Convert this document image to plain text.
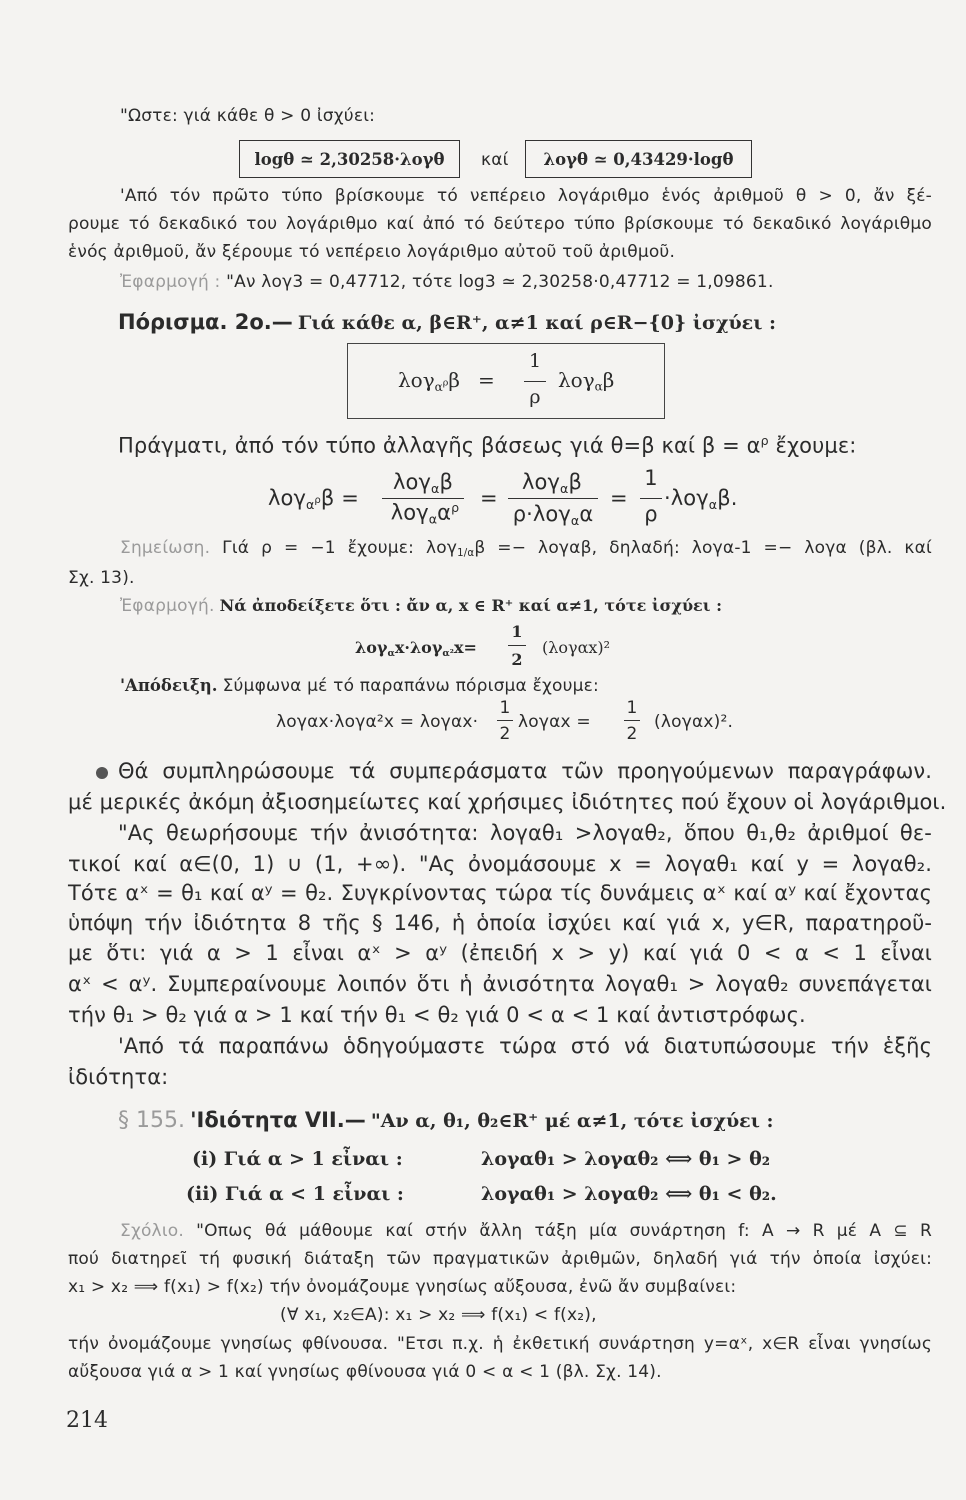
"Ωστε: γιά κάθε θ > 0 ἰσχύει:
logθ ≃ 2,30258·λογθ	καί	λογθ ≃ 0,43429·logθ
'Από τόν πρῶτο τύπο βρίσκουμε τό νεπέρειο λογάριθμο ἑνός ἀριθμοῦ θ > 0, ἄν ξέ-
ρουμε τό δεκαδικό του λογάριθμο καί ἀπό τό δεύτερο τύπο βρίσκουμε τό δεκαδικό λογάριθμο
ἑνός ἀριθμοῦ, ἄν ξέρουμε τό νεπέρειο λογάριθμο αὐτοῦ τοῦ ἀριθμοῦ.
Ἐφαρμογή : "Αν λογ3 = 0,47712, τότε log3 ≃ 2,30258·0,47712 = 1,09861.
Πόρισμα. 2ο.— Γιά κάθε α, β∈R⁺, α≠1 καί ρ∈R−{0} ἰσχύει :
λογ$_{\alpha^\rho}$β =
1
ρ
λογ$_\alpha$β
Πράγματι, ἀπό τόν τύπο ἀλλαγῆς βάσεως γιά θ=β καί $\beta = \alpha^\rho$ ἔχουμε:
λογ$_{\alpha^\rho}$β =
λογ$_\alpha$β
$\lambda o\gamma_\alpha\alpha^\rho$ =
λογ$_\alpha$β
ρ·λογ$_\alpha$α
=
1
ρ
·λογ$_\alpha$β.
Σημείωση. Γιά ρ = −1 ἔχουμε: λογ$_{1/\alpha}$β =− λογαβ, δηλαδή: λογα-1 =− λογα (βλ. καί
Σχ. 13).
Ἐφαρμογή. Νά ἀποδείξετε ὅτι : ἄν α, x ∈ R⁺ καί α≠1, τότε ἰσχύει :
λογ$_\alpha$x·λογ$_{\alpha^2}$x=
1
2
(λογαx)²
'Απόδειξη. Σύμφωνα μέ τό παραπάνω πόρισμα ἔχουμε:
λογαx·λογα²x = λογαx·
1
2
λογαx =
1
2
(λογαx)².
Θά συμπληρώσουμε τά συμπεράσματα τῶν προηγούμενων παραγράφων.
μέ μερικές ἀκόμη ἀξιοσημείωτες καί χρήσιμες ἰδιότητες πού ἔχουν οἱ λογάριθμοι.
"Ας θεωρήσουμε τήν ἀνισότητα: λογαθ₁ >λογαθ₂, ὅπου θ₁,θ₂ ἀριθμοί θε-
τικοί καί α∈(0, 1) ∪ (1, +∞). "Ας ὀνομάσουμε x = λογαθ₁ καί y = λογαθ₂.
Τότε αˣ = θ₁ καί αʸ = θ₂. Συγκρίνοντας τώρα τίς δυνάμεις αˣ καί αʸ καί ἔχοντας
ὑπόψη τήν ἰδιότητα 8 τῆς § 146, ἡ ὁποία ἰσχύει καί γιά x, y∈R, παρατηροῦ-
με ὅτι: γιά α > 1 εἶναι αˣ > αʸ (ἐπειδή x > y) καί γιά 0 < α < 1 εἶναι
αˣ < αʸ. Συμπεραίνουμε λοιπόν ὅτι ἡ ἀνισότητα λογαθ₁ > λογαθ₂ συνεπάγεται
τήν θ₁ > θ₂ γιά α > 1 καί τήν θ₁ < θ₂ γιά 0 < α < 1 καί ἀντιστρόφως.
'Από τά παραπάνω ὁδηγούμαστε τώρα στό νά διατυπώσουμε τήν ἑξῆς
ἰδιότητα:
§ 155. 'Ιδιότητα VII.— "Αν α, θ₁, θ₂∈R⁺ μέ α≠1, τότε ἰσχύει :
(i) Γιά α > 1 εἶναι :	λογαθ₁ > λογαθ₂ ⟺ θ₁ > θ₂
(ii) Γιά α < 1 εἶναι :	λογαθ₁ > λογαθ₂ ⟺ θ₁ < θ₂.
Σχόλιο. "Οπως θά μάθουμε καί στήν ἄλλη τάξη μία συνάρτηση f: A → R μέ A ⊆ R
πού διατηρεῖ τή φυσική διάταξη τῶν πραγματικῶν ἀριθμῶν, δηλαδή γιά τήν ὁποία ἰσχύει:
x₁ > x₂ ⟹ f(x₁) > f(x₂) τήν ὀνομάζουμε γνησίως αὔξουσα, ἐνῶ ἄν συμβαίνει:
(∀ x₁, x₂∈A): x₁ > x₂ ⟹ f(x₁) < f(x₂),
τήν ὀνομάζουμε γνησίως φθίνουσα. "Ετσι π.χ. ἡ ἐκθετική συνάρτηση y=αˣ, x∈R εἶναι γνησίως
αὔξουσα γιά α > 1 καί γνησίως φθίνουσα γιά 0 < α < 1 (βλ. Σχ. 14).
214
